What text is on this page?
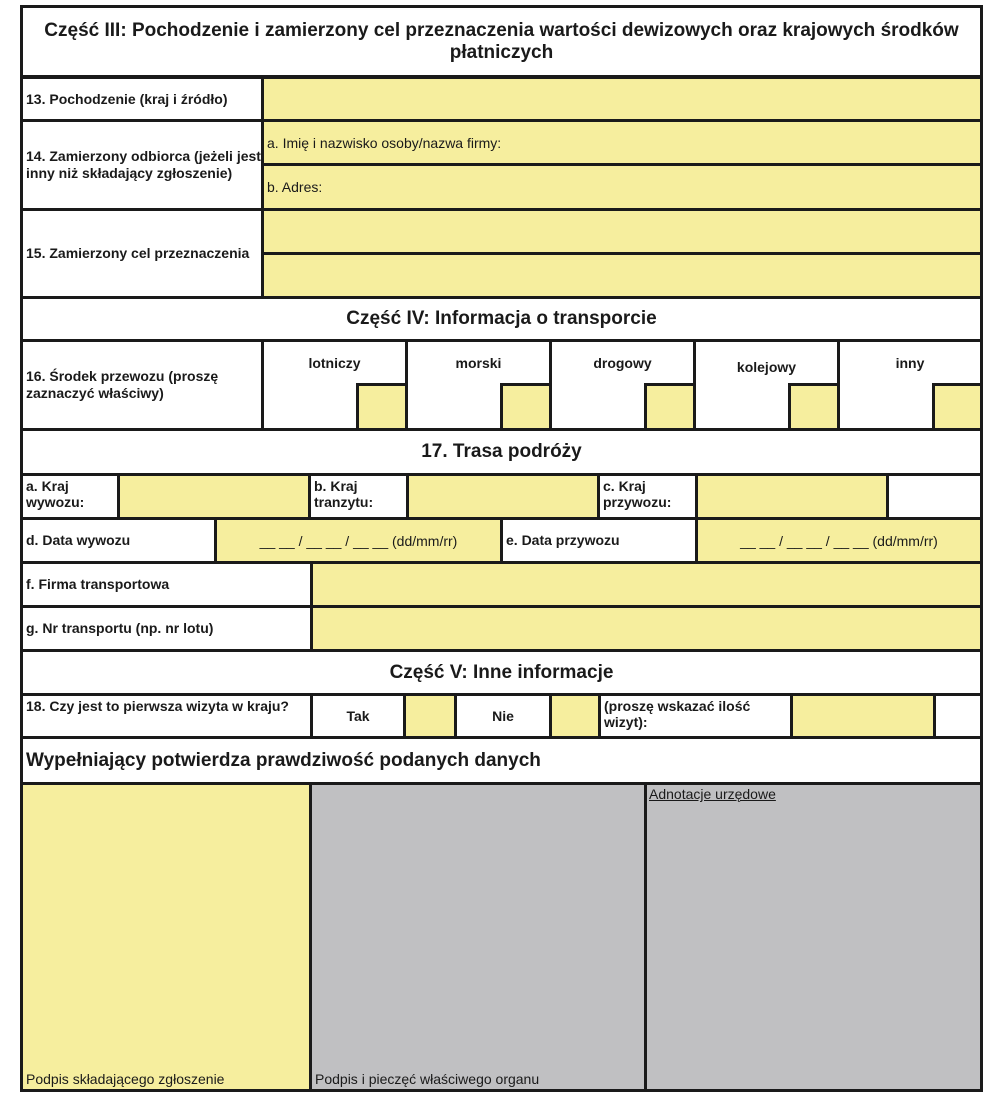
Część III: Pochodzenie i zamierzony cel przeznaczenia wartości dewizowych oraz krajowych środków płatniczych
13. Pochodzenie (kraj i źródło)
14. Zamierzony odbiorca (jeżeli jest inny niż składający zgłoszenie)
a. Imię i nazwisko osoby/nazwa firmy:
b. Adres:
15. Zamierzony cel przeznaczenia
Część IV: Informacja o transporcie
16. Środek przewozu (proszę zaznaczyć właściwy)
lotniczy	morski	drogowy	kolejowy	inny
17. Trasa podróży
a. Kraj wywozu:
b. Kraj tranzytu:
c. Kraj przywozu:
d. Data wywozu	__ __ / __ __ / __ __ (dd/mm/rr)	e. Data przywozu	__ __ / __ __ / __ __ (dd/mm/rr)
f. Firma transportowa
g. Nr transportu (np. nr lotu)
Część V: Inne informacje
18. Czy jest to pierwsza wizyta w kraju?
Tak	Nie
(proszę wskazać ilość wizyt):
Wypełniający potwierdza prawdziwość podanych danych
Podpis składającego zgłoszenie	Podpis i pieczęć właściwego organu
Adnotacje urzędowe
